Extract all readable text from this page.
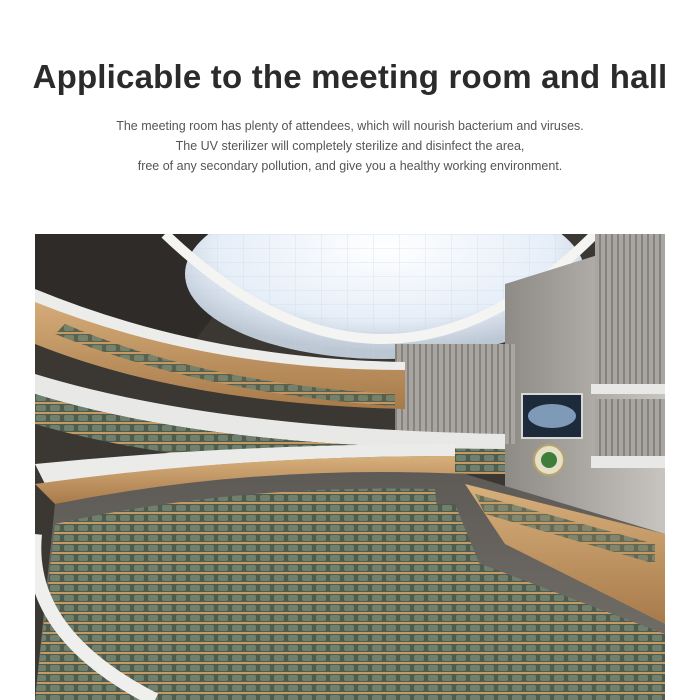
Applicable to the meeting room and hall
The meeting room has plenty of attendees, which will nourish bacterium and viruses.
The UV sterilizer will completely sterilize and disinfect the area,
free of any secondary pollution, and give you a healthy working environment.
